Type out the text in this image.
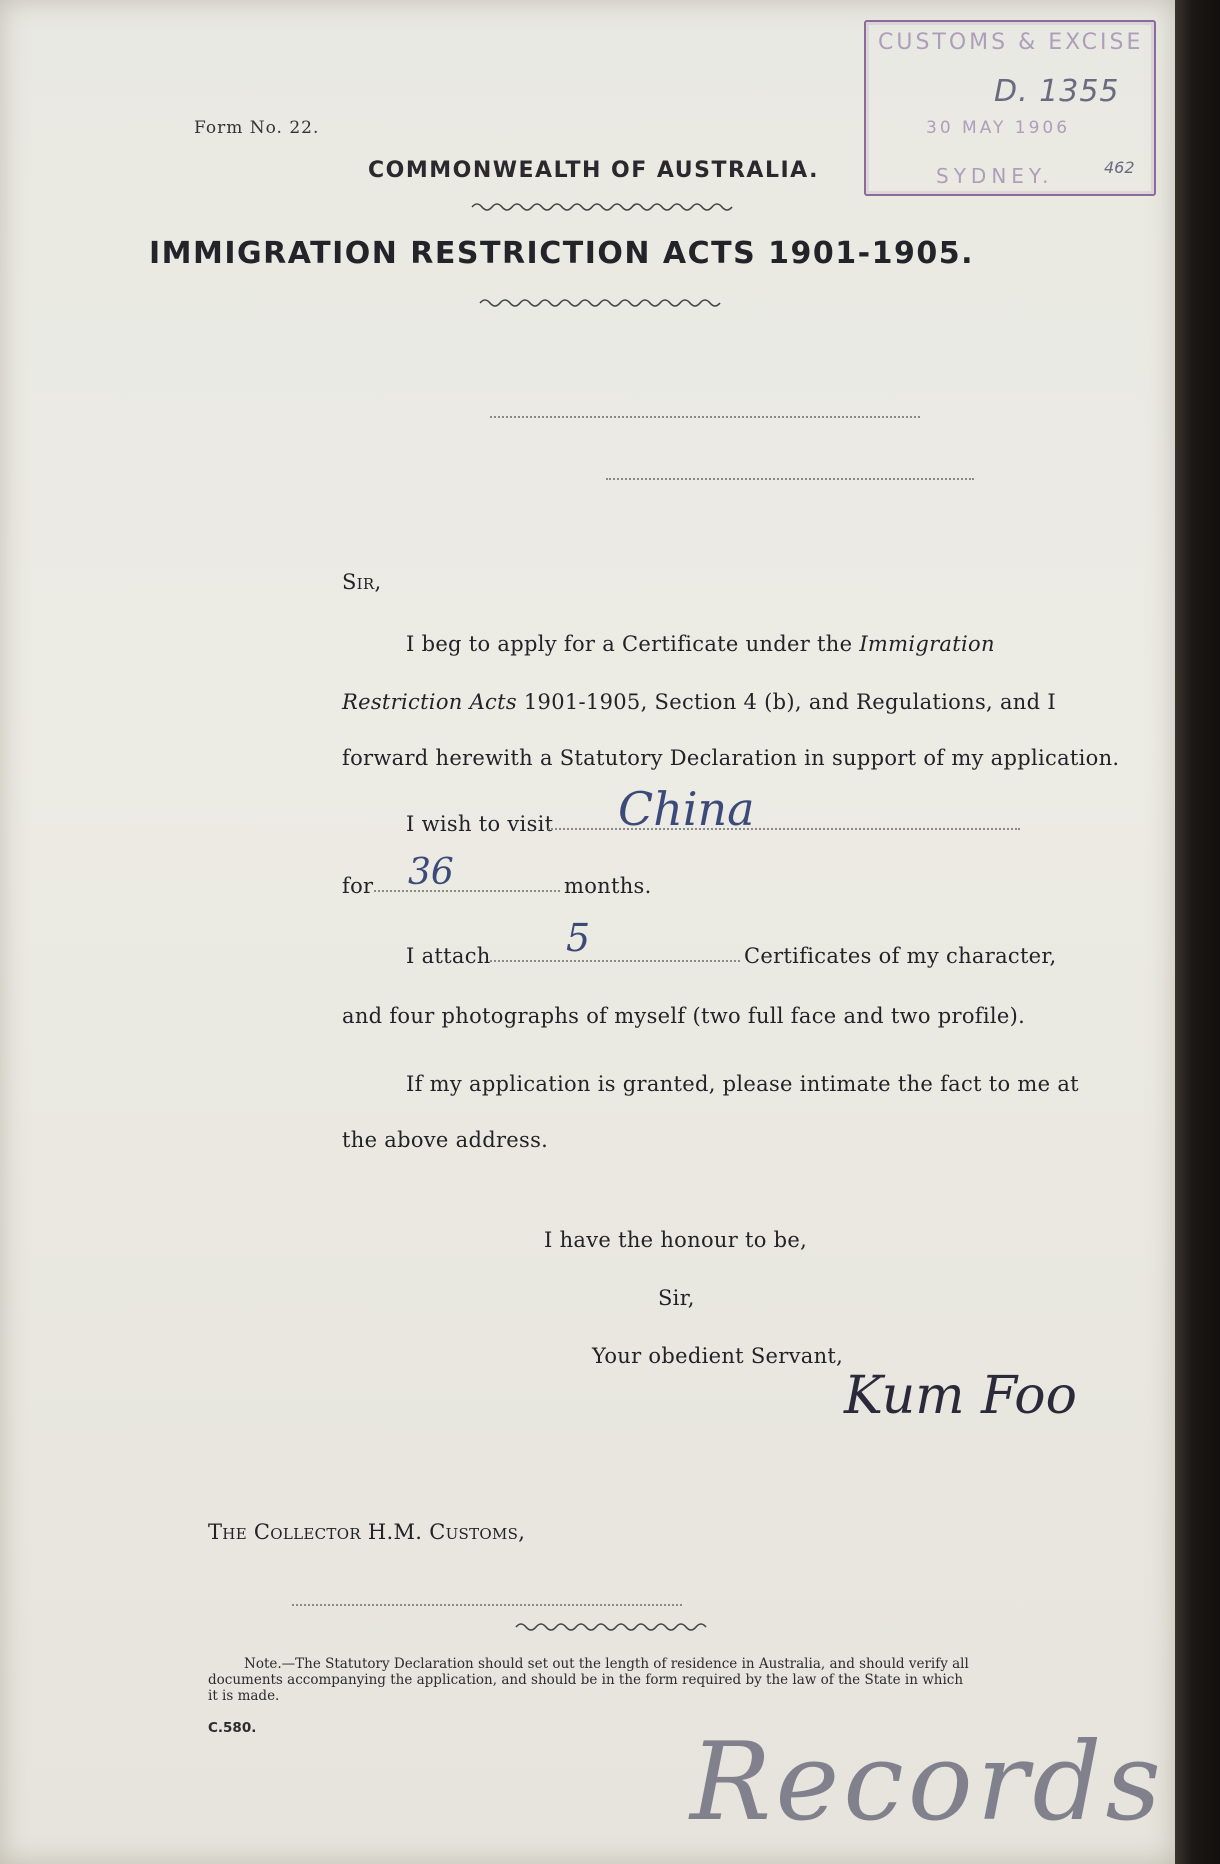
Form No. 22.
COMMONWEALTH OF AUSTRALIA.
IMMIGRATION RESTRICTION ACTS 1901-1905.
Sir,
I beg to apply for a Certificate under the Immigration
Restriction Acts 1901-1905, Section 4 (b), and Regulations, and I
forward herewith a Statutory Declaration in support of my application.
I wish to visit China
for 36	months.
I attach 5	Certificates of my character,
and four photographs of myself (two full face and two profile).
If my application is granted, please intimate the fact to me at
the above address.
I have the honour to be,
Sir,
Your obedient Servant,
Kum Foo
The Collector H.M. Customs,
Note.—The Statutory Declaration should set out the length of residence in Australia, and should verify all
documents accompanying the application, and should be in the form required by the law of the State in which
it is made.
C.580.	Records
CUSTOMS & EXCISE
D. 1355
30 MAY 1906
SYDNEY.	462
